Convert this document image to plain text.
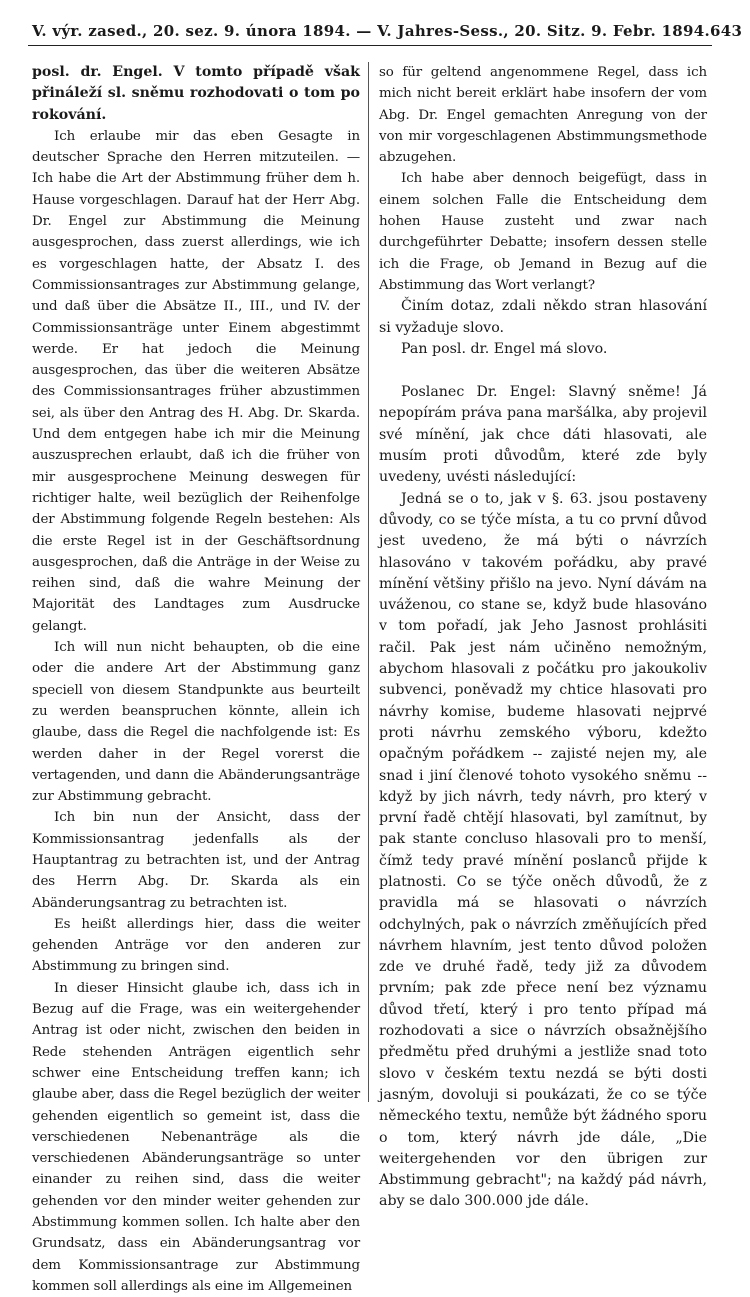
V. výr. zased., 20. sez. 9. února 1894. — V. Jahres-Sess., 20. Sitz. 9. Febr. 1894. 643

posl. dr. Engel. V tomto případě však přináleží sl. sněmu rozhodovati o tom po rokování.

Ich erlaube mir das eben Gesagte in deutscher Sprache den Herren mitzuteilen. — Ich habe die Art der Abstimmung früher dem h. Hause vorgeschlagen. Darauf hat der Herr Abg. Dr. Engel zur Abstimmung die Meinung ausgesprochen, dass zuerst allerdings, wie ich es vorgeschlagen hatte, der Absatz I. des Commissionsantrages zur Abstimmung gelange, und daß über die Absätze II., III., und IV. der Commissionsanträge unter Einem abgestimmt werde. Er hat jedoch die Meinung ausgesprochen, das über die weiteren Absätze des Commissionsantrages früher abzustimmen sei, als über den Antrag des H. Abg. Dr. Skarda. Und dem entgegen habe ich mir die Meinung auszusprechen erlaubt, daß ich die früher von mir ausgesprochene Meinung deswegen für richtiger halte, weil bezüglich der Reihenfolge der Abstimmung folgende Regeln bestehen: Als die erste Regel ist in der Geschäftsordnung ausgesprochen, daß die Anträge in der Weise zu reihen sind, daß die wahre Meinung der Majorität des Landtages zum Ausdrucke gelangt.

Ich will nun nicht behaupten, ob die eine oder die andere Art der Abstimmung ganz speciell von diesem Standpunkte aus beurteilt zu werden beanspruchen könnte, allein ich glaube, dass die Regel die nachfolgende ist: Es werden daher in der Regel vorerst die vertagenden, und dann die Abänderungsanträge zur Abstimmung gebracht.

Ich bin nun der Ansicht, dass der Kommissionsantrag jedenfalls als der Hauptantrag zu betrachten ist, und der Antrag des Herrn Abg. Dr. Skarda als ein Abänderungsantrag zu betrachten ist.

Es heißt allerdings hier, dass die weiter gehenden Anträge vor den anderen zur Abstimmung zu bringen sind.

In dieser Hinsicht glaube ich, dass ich in Bezug auf die Frage, was ein weitergehender Antrag ist oder nicht, zwischen den beiden in Rede stehenden Anträgen eigentlich sehr schwer eine Entscheidung treffen kann; ich glaube aber, dass die Regel bezüglich der weiter gehenden eigentlich so gemeint ist, dass die verschiedenen Nebenanträge als die verschiedenen Abänderungsanträge so unter einander zu reihen sind, dass die weiter gehenden vor den minder weiter gehenden zur Abstimmung kommen sollen. Ich halte aber den Grundsatz, dass ein Abänderungsantrag vor dem Kommissionsantrage zur Abstimmung kommen soll allerdings als eine im Allgemeinen

so für geltend angenommene Regel, dass ich mich nicht bereit erklärt habe insofern der vom Abg. Dr. Engel gemachten Anregung von der von mir vorgeschlagenen Abstimmungsmethode abzugehen.

Ich habe aber dennoch beigefügt, dass in einem solchen Falle die Entscheidung dem hohen Hause zusteht und zwar nach durchgeführter Debatte; insofern dessen stelle ich die Frage, ob Jemand in Bezug auf die Abstimmung das Wort verlangt?

Činím dotaz, zdali někdo stran hlasování si vyžaduje slovo.

Pan posl. dr. Engel má slovo.

Poslanec Dr. Engel: Slavný sněme! Já nepopírám práva pana maršálka, aby projevil své mínění, jak chce dáti hlasovati, ale musím proti důvodům, které zde byly uvedeny, uvésti následující:

Jedná se o to, jak v §. 63. jsou postaveny důvody, co se týče místa, a tu co první důvod jest uvedeno, že má býti o návrzích hlasováno v takovém pořádku, aby pravé mínění většiny přišlo na jevo. Nyní dávám na uváženou, co stane se, když bude hlasováno v tom pořadí, jak Jeho Jasnost prohlásiti račil. Pak jest nám učiněno nemožným, abychom hlasovali z počátku pro jakoukoliv subvenci, poněvadž my chtice hlasovati pro návrhy komise, budeme hlasovati nejprvé proti návrhu zemského výboru, kdežto opačným pořádkem -- zajisté nejen my, ale snad i jiní členové tohoto vysokého sněmu -- když by jich návrh, tedy návrh, pro který v první řadě chtějí hlasovati, byl zamítnut, by pak stante concluso hlasovali pro to menší, čímž tedy pravé mínění poslanců přijde k platnosti. Co se týče oněch důvodů, že z pravidla má se hlasovati o návrzích odchylných, pak o návrzích změňujících před návrhem hlavním, jest tento důvod položen zde ve druhé řadě, tedy již za důvodem prvním; pak zde přece není bez významu důvod třetí, který i pro tento případ má rozhodovati a sice o návrzích obsažnějšího předmětu před druhými a jestliže snad toto slovo v českém textu nezdá se býti dosti jasným, dovoluji si poukázati, že co se týče německého textu, nemůže být žádného sporu o tom, který návrh jde dále, „Die weitergehenden vor den übrigen zur Abstimmung gebracht"; na každý pád návrh, aby se dalo 300.000 jde dále.
